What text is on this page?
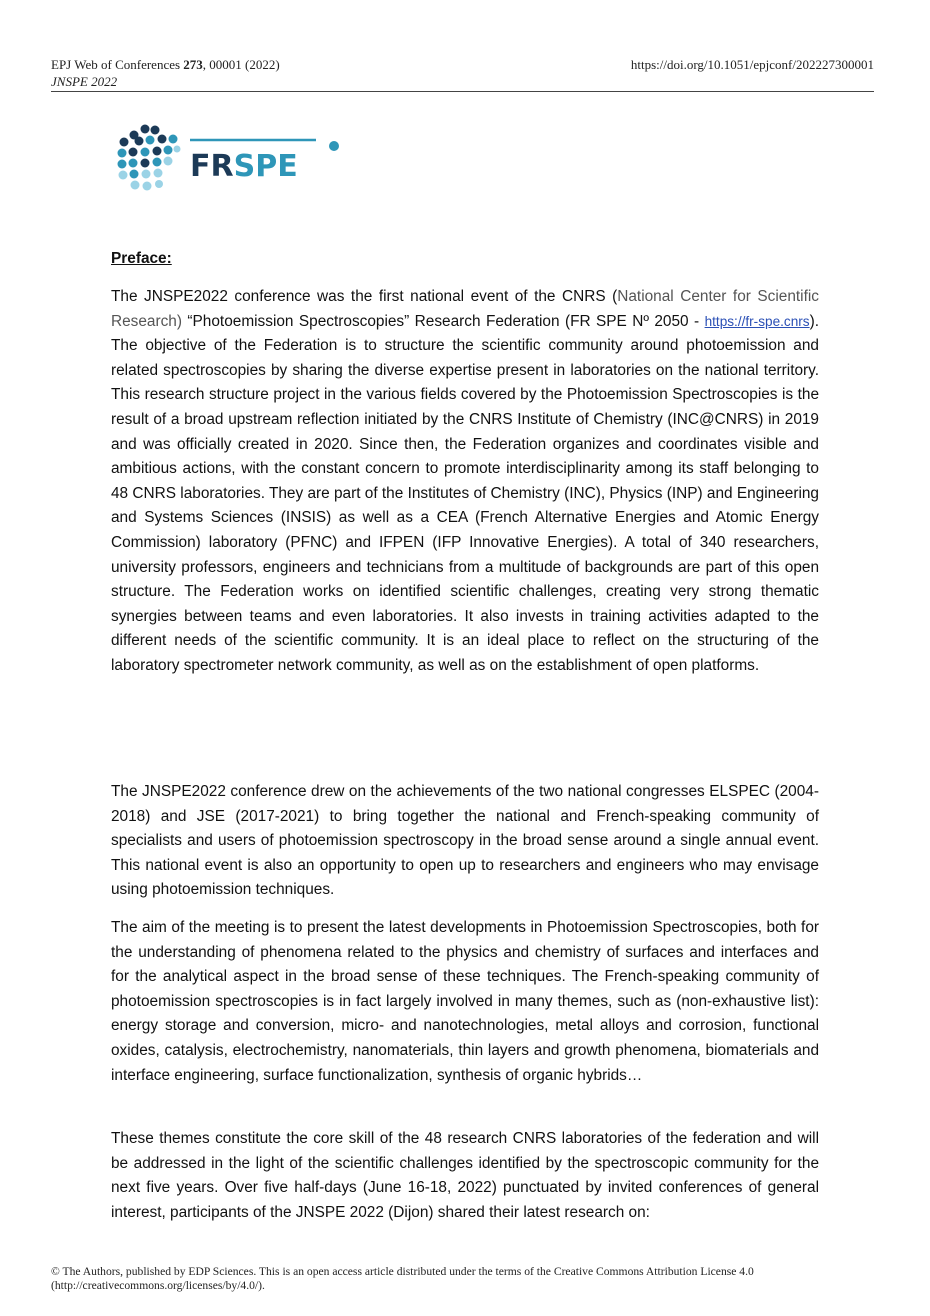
EPJ Web of Conferences 273, 00001 (2022)
JNSPE 2022
https://doi.org/10.1051/epjconf/202227300001
FRSPE
Preface:

The JNSPE2022 conference was the first national event of the CNRS (National Center for Scientific Research) “Photoemission Spectroscopies” Research Federation (FR SPE Nº 2050 - https://fr-spe.cnrs). The objective of the Federation is to structure the scientific community around photoemission and related spectroscopies by sharing the diverse expertise present in laboratories on the national territory. This research structure project in the various fields covered by the Photoemission Spectroscopies is the result of a broad upstream reflection initiated by the CNRS Institute of Chemistry (INC@CNRS) in 2019 and was officially created in 2020. Since then, the Federation organizes and coordinates visible and ambitious actions, with the constant concern to promote interdisciplinarity among its staff belonging to 48 CNRS laboratories. They are part of the Institutes of Chemistry (INC), Physics (INP) and Engineering and Systems Sciences (INSIS) as well as a CEA (French Alternative Energies and Atomic Energy Commission) laboratory (PFNC) and IFPEN (IFP Innovative Energies). A total of 340 researchers, university professors, engineers and technicians from a multitude of backgrounds are part of this open structure. The Federation works on identified scientific challenges, creating very strong thematic synergies between teams and even laboratories. It also invests in training activities adapted to the different needs of the scientific community. It is an ideal place to reflect on the structuring of the laboratory spectrometer network community, as well as on the establishment of open platforms.

The JNSPE2022 conference drew on the achievements of the two national congresses ELSPEC (2004-2018) and JSE (2017-2021) to bring together the national and French-speaking community of specialists and users of photoemission spectroscopy in the broad sense around a single annual event. This national event is also an opportunity to open up to researchers and engineers who may envisage using photoemission techniques.

The aim of the meeting is to present the latest developments in Photoemission Spectroscopies, both for the understanding of phenomena related to the physics and chemistry of surfaces and interfaces and for the analytical aspect in the broad sense of these techniques. The French-speaking community of photoemission spectroscopies is in fact largely involved in many themes, such as (non-exhaustive list): energy storage and conversion, micro- and nanotechnologies, metal alloys and corrosion, functional oxides, catalysis, electrochemistry, nanomaterials, thin layers and growth phenomena, biomaterials and interface engineering, surface functionalization, synthesis of organic hybrids…

These themes constitute the core skill of the 48 research CNRS laboratories of the federation and will be addressed in the light of the scientific challenges identified by the spectroscopic community for the next five years. Over five half-days (June 16-18, 2022) punctuated by invited conferences of general interest, participants of the JNSPE 2022 (Dijon) shared their latest research on:

© The Authors, published by EDP Sciences. This is an open access article distributed under the terms of the Creative Commons Attribution License 4.0 (http://creativecommons.org/licenses/by/4.0/).
